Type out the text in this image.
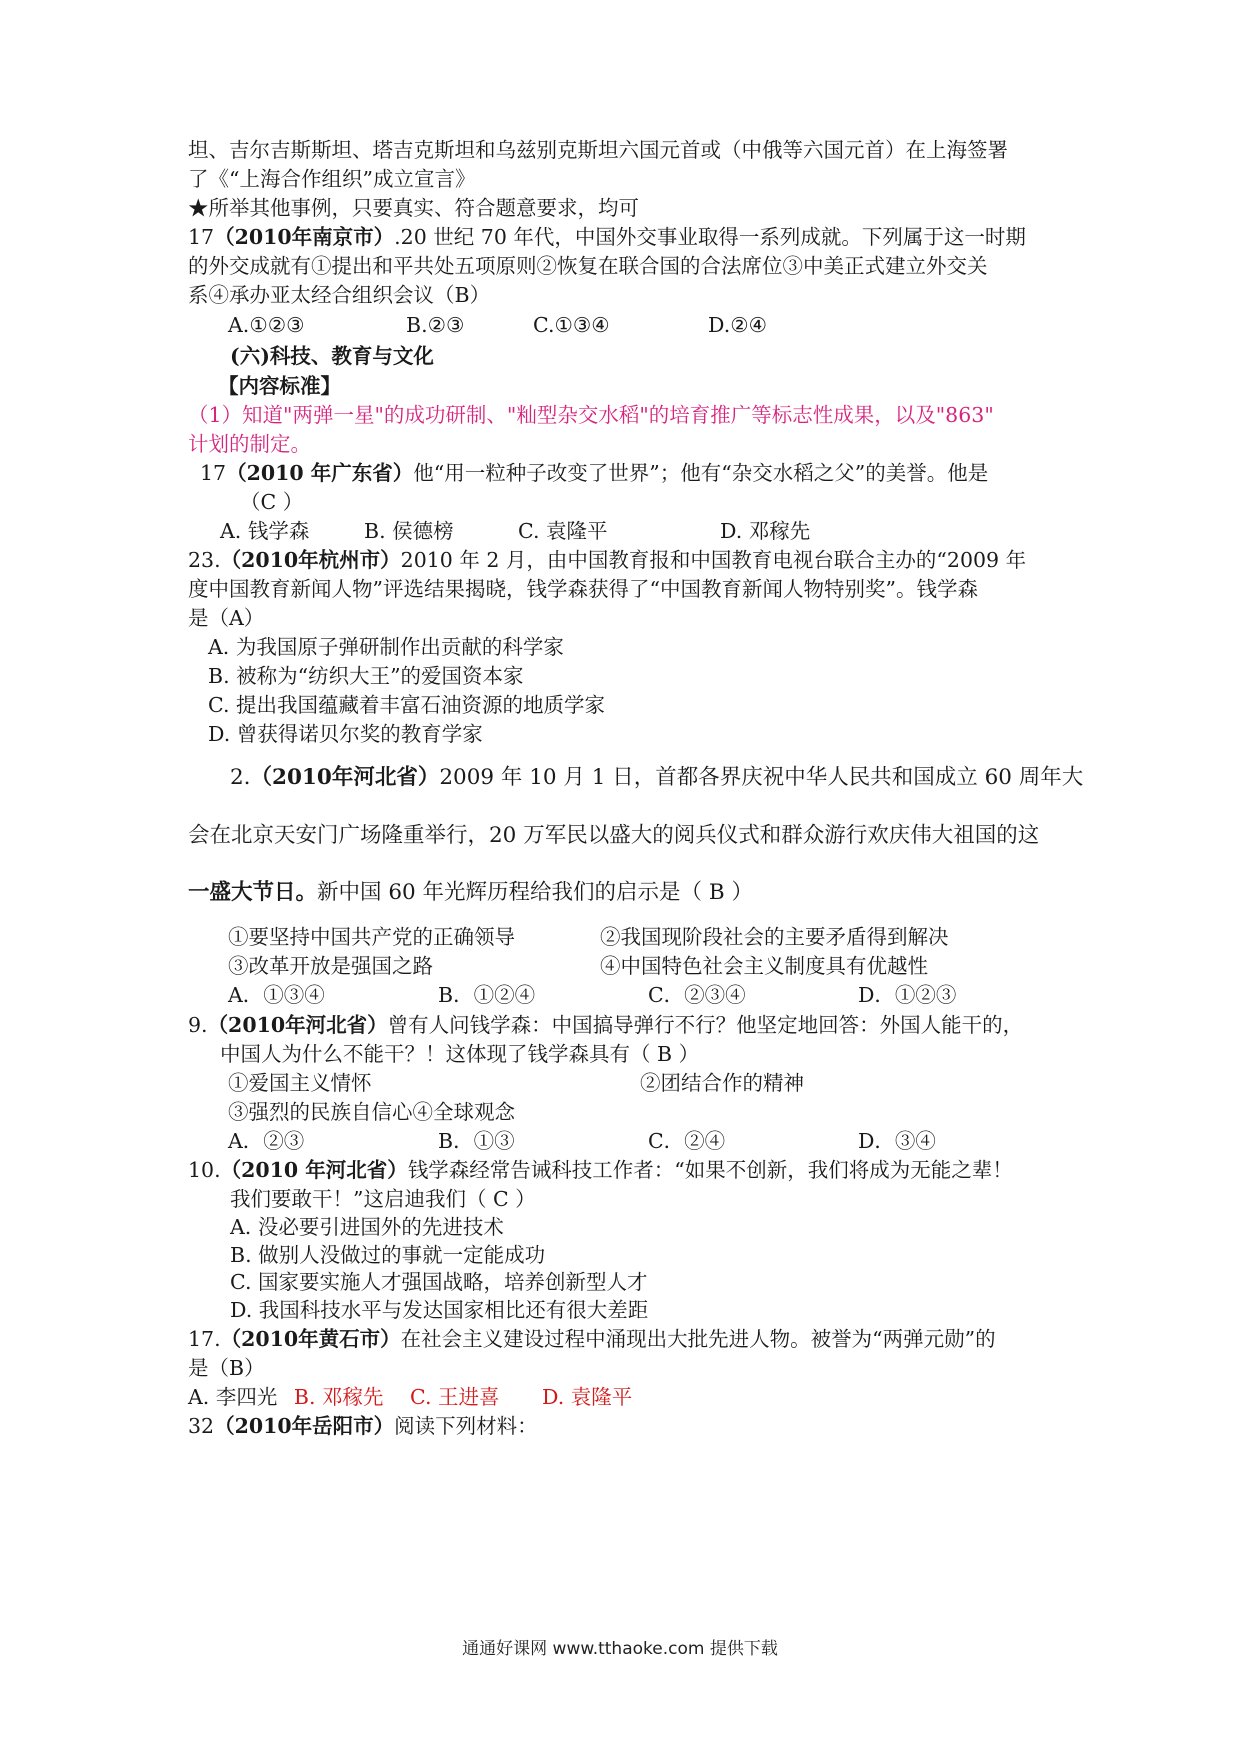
坦、吉尔吉斯斯坦、塔吉克斯坦和乌兹别克斯坦六国元首或（中俄等六国元首）在上海签署
了《“上海合作组织”成立宣言》
★所举其他事例，只要真实、符合题意要求，均可
17（2010年南京市）.20 世纪 70 年代，中国外交事业取得一系列成就。下列属于这一时期
的外交成就有①提出和平共处五项原则②恢复在联合国的合法席位③中美正式建立外交关
系④承办亚太经合组织会议（B）
A.①②③	B.②③	C.①③④	D.②④
(六)科技、教育与文化
【内容标准】
（1）知道"两弹一星"的成功研制、"籼型杂交水稻"的培育推广等标志性成果，以及"863"
计划的制定。
17（2010 年广东省）他“用一粒种子改变了世界”；他有“杂交水稻之父”的美誉。他是
（C ）
A. 钱学森	B. 侯德榜	C. 袁隆平	D. 邓稼先
23.（2010年杭州市）2010 年 2 月，由中国教育报和中国教育电视台联合主办的“2009 年
度中国教育新闻人物”评选结果揭晓，钱学森获得了“中国教育新闻人物特别奖”。钱学森
是（A）
A. 为我国原子弹研制作出贡献的科学家
B. 被称为“纺织大王”的爱国资本家
C. 提出我国蕴藏着丰富石油资源的地质学家
D. 曾获得诺贝尔奖的教育学家
2.（2010年河北省）2009 年 10 月 1 日，首都各界庆祝中华人民共和国成立 60 周年大
会在北京天安门广场隆重举行，20 万军民以盛大的阅兵仪式和群众游行欢庆伟大祖国的这
一盛大节日。新中国 60 年光辉历程给我们的启示是（ B ）
①要坚持中国共产党的正确领导	②我国现阶段社会的主要矛盾得到解决
③改革开放是强国之路	④中国特色社会主义制度具有优越性
A．①③④	B．①②④	C．②③④	D．①②③
9.（2010年河北省）曾有人问钱学森：中国搞导弹行不行？他坚定地回答：外国人能干的，
中国人为什么不能干？！这体现了钱学森具有（ B ）
①爱国主义情怀	②团结合作的精神
③强烈的民族自信心④全球观念
A．②③	B．①③	C．②④	D．③④
10.（2010 年河北省）钱学森经常告诫科技工作者：“如果不创新，我们将成为无能之辈！
我们要敢干！”这启迪我们（ C ）
A. 没必要引进国外的先进技术
B. 做别人没做过的事就一定能成功
C. 国家要实施人才强国战略，培养创新型人才
D. 我国科技水平与发达国家相比还有很大差距
17.（2010年黄石市）在社会主义建设过程中涌现出大批先进人物。被誉为“两弹元勋”的
是（B）
A. 李四光 B. 邓稼先 C. 王进喜 D. 袁隆平
32（2010年岳阳市）阅读下列材料：
通通好课网 www.tthaoke.com 提供下载
